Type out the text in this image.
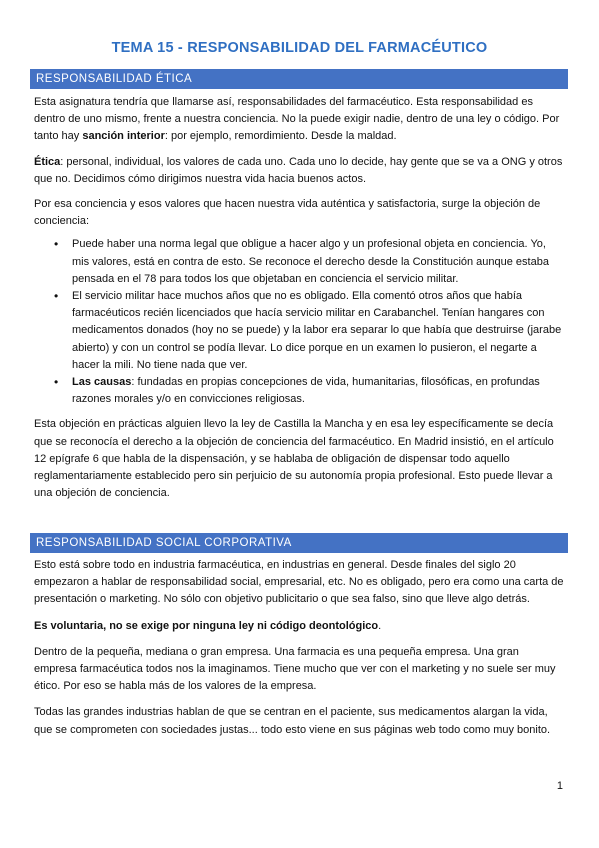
TEMA 15 - RESPONSABILIDAD DEL FARMACÉUTICO
RESPONSABILIDAD ÉTICA

Esta asignatura tendría que llamarse así, responsabilidades del farmacéutico. Esta responsabilidad es dentro de uno mismo, frente a nuestra conciencia. No la puede exigir nadie, dentro de una ley o código. Por tanto hay sanción interior: por ejemplo, remordimiento. Desde la maldad.

Ética: personal, individual, los valores de cada uno. Cada uno lo decide, hay gente que se va a ONG y otros que no. Decidimos cómo dirigimos nuestra vida hacia buenos actos.

Por esa conciencia y esos valores que hacen nuestra vida auténtica y satisfactoria, surge la objeción de conciencia:

• Puede haber una norma legal que obligue a hacer algo y un profesional objeta en conciencia. Yo, mis valores, está en contra de esto. Se reconoce el derecho desde la Constitución aunque estaba pensada en el 78 para todos los que objetaban en conciencia el servicio militar.
• El servicio militar hace muchos años que no es obligado. Ella comentó otros años que había farmacéuticos recién licenciados que hacía servicio militar en Carabanchel. Tenían hangares con medicamentos donados (hoy no se puede) y la labor era separar lo que había que destruirse (jarabe abierto) y con un control se podía llevar. Lo dice porque en un examen lo pusieron, el negarte a hacer la mili. No tiene nada que ver.
• Las causas: fundadas en propias concepciones de vida, humanitarias, filosóficas, en profundas razones morales y/o en convicciones religiosas.

Esta objeción en prácticas alguien llevo la ley de Castilla la Mancha y en esa ley específicamente se decía que se reconocía el derecho a la objeción de conciencia del farmacéutico. En Madrid insistió, en el artículo 12 epígrafe 6 que habla de la dispensación, y se hablaba de obligación de dispensar todo aquello reglamentariamente establecido pero sin perjuicio de su autonomía propia profesional. Esto puede llevar a una objeción de conciencia.

RESPONSABILIDAD SOCIAL CORPORATIVA

Esto está sobre todo en industria farmacéutica, en industrias en general. Desde finales del siglo 20 empezaron a hablar de responsabilidad social, empresarial, etc. No es obligado, pero era como una carta de presentación o marketing. No sólo con objetivo publicitario o que sea falso, sino que lleve algo detrás.

Es voluntaria, no se exige por ninguna ley ni código deontológico.

Dentro de la pequeña, mediana o gran empresa. Una farmacia es una pequeña empresa. Una gran empresa farmacéutica todos nos la imaginamos. Tiene mucho que ver con el marketing y no suele ser muy ético. Por eso se habla más de los valores de la empresa.

Todas las grandes industrias hablan de que se centran en el paciente, sus medicamentos alargan la vida, que se comprometen con sociedades justas... todo esto viene en sus páginas web todo como muy bonito.

1
